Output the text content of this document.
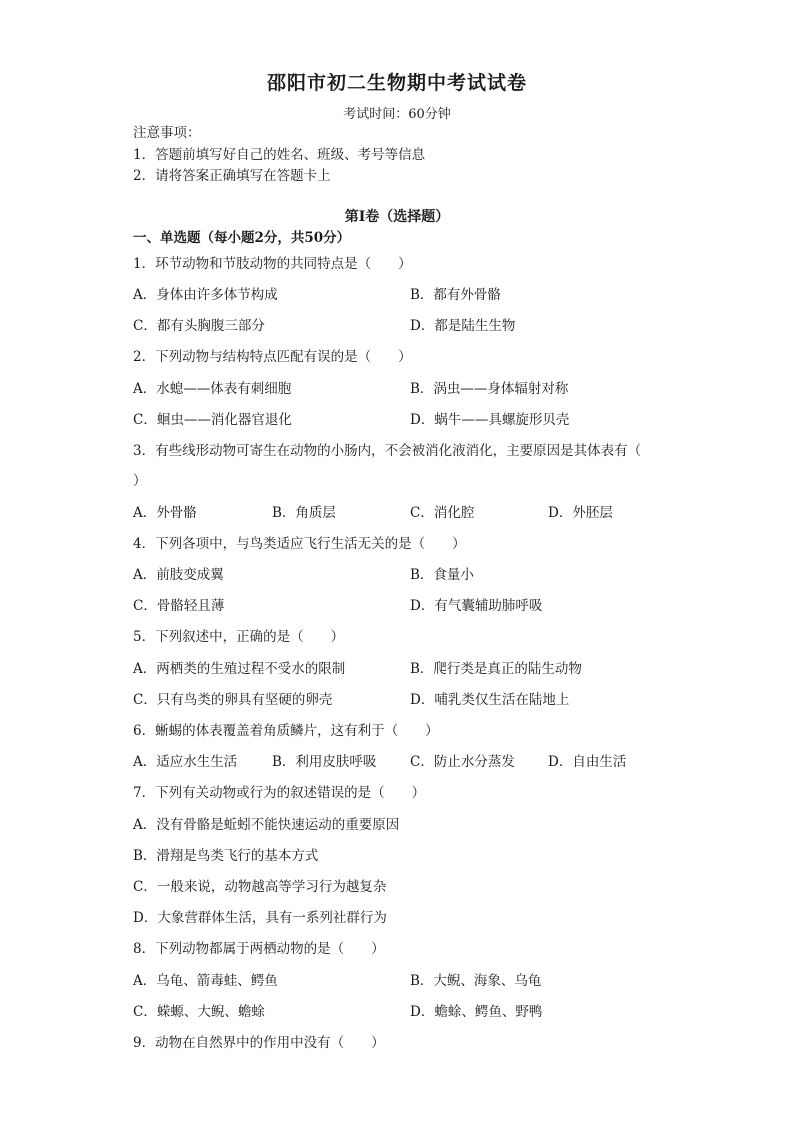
邵阳市初二生物期中考试试卷
考试时间：60分钟
注意事项：
1．答题前填写好自己的姓名、班级、考号等信息
2．请将答案正确填写在答题卡上
第I卷（选择题）
一、单选题（每小题2分，共50分）
1．环节动物和节肢动物的共同特点是（　　）
A．身体由许多体节构成	B．都有外骨骼
C．都有头胸腹三部分	D．都是陆生生物
2．下列动物与结构特点匹配有误的是（　　）
A．水螅——体表有刺细胞	B．涡虫——身体辐射对称
C．蛔虫——消化器官退化	D．蜗牛——具螺旋形贝壳
3．有些线形动物可寄生在动物的小肠内，不会被消化液消化，主要原因是其体表有（
）
A．外骨骼	B．角质层	C．消化腔	D．外胚层
4．下列各项中，与鸟类适应飞行生活无关的是（　　）
A．前肢变成翼	B．食量小
C．骨骼轻且薄	D．有气囊辅助肺呼吸
5．下列叙述中，正确的是（　　）
A．两栖类的生殖过程不受水的限制	B．爬行类是真正的陆生动物
C．只有鸟类的卵具有坚硬的卵壳	D．哺乳类仅生活在陆地上
6．蜥蜴的体表覆盖着角质鳞片，这有利于（　　）
A．适应水生生活	B．利用皮肤呼吸 C．防止水分蒸发 D．自由生活
7．下列有关动物或行为的叙述错误的是（　　）
A．没有骨骼是蚯蚓不能快速运动的重要原因
B．滑翔是鸟类飞行的基本方式
C．一般来说，动物越高等学习行为越复杂
D．大象营群体生活，具有一系列社群行为
8．下列动物都属于两栖动物的是（　　）
A．乌龟、箭毒蛙、鳄鱼	B．大鲵、海象、乌龟
C．蝾螈、大鲵、蟾蜍	D．蟾蜍、鳄鱼、野鸭
9．动物在自然界中的作用中没有（　　）
